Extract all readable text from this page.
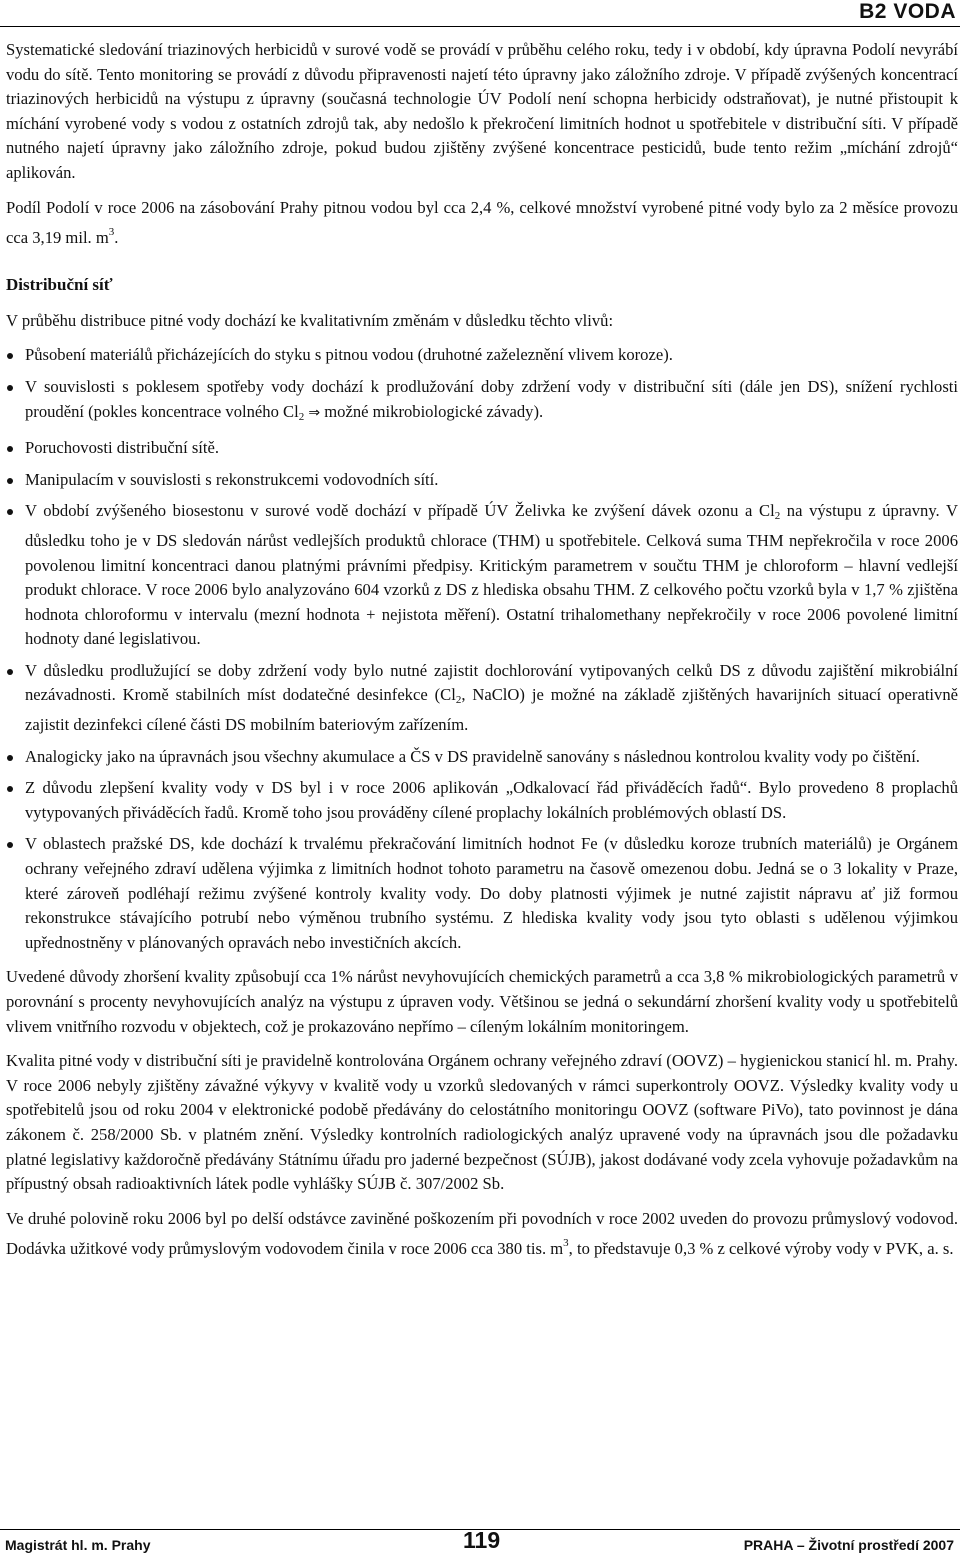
B2 VODA

Systematické sledování triazinových herbicidů v surové vodě se provádí v průběhu celého roku, tedy i v období, kdy úpravna Podolí nevyrábí vodu do sítě. Tento monitoring se provádí z důvodu připravenosti najetí této úpravny jako záložního zdroje. V případě zvýšených koncentrací triazinových herbicidů na výstupu z úpravny (současná technologie ÚV Podolí není schopna herbicidy odstraňovat), je nutné přistoupit k míchání vyrobené vody s vodou z ostatních zdrojů tak, aby nedošlo k překročení limitních hodnot u spotřebitele v distribuční síti. V případě nutného najetí úpravny jako záložního zdroje, pokud budou zjištěny zvýšené koncentrace pesticidů, bude tento režim „míchání zdrojů“ aplikován.

Podíl Podolí v roce 2006 na zásobování Prahy pitnou vodou byl cca 2,4 %, celkové množství vyrobené pitné vody bylo za 2 měsíce provozu cca 3,19 mil. $m^3$.

Distribuční síť

V průběhu distribuce pitné vody dochází ke kvalitativním změnám v důsledku těchto vlivů:

Působení materiálů přicházejících do styku s pitnou vodou (druhotné zaželeznění vlivem koroze).
V souvislosti s poklesem spotřeby vody dochází k prodlužování doby zdržení vody v distribuční síti (dále jen DS), snížení rychlosti proudění (pokles koncentrace volného $Cl_2$ ⇒ možné mikrobiologické závady).
Poruchovosti distribuční sítě.
Manipulacím v souvislosti s rekonstrukcemi vodovodních sítí.
V období zvýšeného biosestonu v surové vodě dochází v případě ÚV Želivka ke zvýšení dávek ozonu a $Cl_2$ na výstupu z úpravny. V důsledku toho je v DS sledován nárůst vedlejších produktů chlorace (THM) u spotřebitele. Celková suma THM nepřekročila v roce 2006 povolenou limitní koncentraci danou platnými právními předpisy. Kritickým parametrem v součtu THM je chloroform – hlavní vedlejší produkt chlorace. V roce 2006 bylo analyzováno 604 vzorků z DS z hlediska obsahu THM. Z celkového počtu vzorků byla v 1,7 % zjištěna hodnota chloroformu v intervalu (mezní hodnota + nejistota měření). Ostatní trihalomethany nepřekročily v roce 2006 povolené limitní hodnoty dané legislativou.
V důsledku prodlužující se doby zdržení vody bylo nutné zajistit dochlorování vytipovaných celků DS z důvodu zajištění mikrobiální nezávadnosti. Kromě stabilních míst dodatečné desinfekce ($Cl_2$, NaClO) je možné na základě zjištěných havarijních situací operativně zajistit dezinfekci cílené části DS mobilním bateriovým zařízením.
Analogicky jako na úpravnách jsou všechny akumulace a ČS v DS pravidelně sanovány s následnou kontrolou kvality vody po čištění.
Z důvodu zlepšení kvality vody v DS byl i v roce 2006 aplikován „Odkalovací řád přiváděcích řadů“. Bylo provedeno 8 proplachů vytypovaných přiváděcích řadů. Kromě toho jsou prováděny cílené proplachy lokálních problémových oblastí DS.
V oblastech pražské DS, kde dochází k trvalému překračování limitních hodnot Fe (v důsledku koroze trubních materiálů) je Orgánem ochrany veřejného zdraví udělena výjimka z limitních hodnot tohoto parametru na časově omezenou dobu. Jedná se o 3 lokality v Praze, které zároveň podléhají režimu zvýšené kontroly kvality vody. Do doby platnosti výjimek je nutné zajistit nápravu ať již formou rekonstrukce stávajícího potrubí nebo výměnou trubního systému. Z hlediska kvality vody jsou tyto oblasti s udělenou výjimkou upřednostněny v plánovaných opravách nebo investičních akcích.

Uvedené důvody zhoršení kvality způsobují cca 1% nárůst nevyhovujících chemických parametrů a cca 3,8 % mikrobiologických parametrů v porovnání s procenty nevyhovujících analýz na výstupu z úpraven vody. Většinou se jedná o sekundární zhoršení kvality vody u spotřebitelů vlivem vnitřního rozvodu v objektech, což je prokazováno nepřímo – cíleným lokálním monitoringem.

Kvalita pitné vody v distribuční síti je pravidelně kontrolována Orgánem ochrany veřejného zdraví (OOVZ) – hygienickou stanicí hl. m. Prahy. V roce 2006 nebyly zjištěny závažné výkyvy v kvalitě vody u vzorků sledovaných v rámci superkontroly OOVZ. Výsledky kvality vody u spotřebitelů jsou od roku 2004 v elektronické podobě předávány do celostátního monitoringu OOVZ (software PiVo), tato povinnost je dána zákonem č. 258/2000 Sb. v platném znění. Výsledky kontrolních radiologických analýz upravené vody na úpravnách jsou dle požadavku platné legislativy každoročně předávány Státnímu úřadu pro jaderné bezpečnost (SÚJB), jakost dodávané vody zcela vyhovuje požadavkům na přípustný obsah radioaktivních látek podle vyhlášky SÚJB č. 307/2002 Sb.

Ve druhé polovině roku 2006 byl po delší odstávce zaviněné poškozením při povodních v roce 2002 uveden do provozu průmyslový vodovod. Dodávka užitkové vody průmyslovým vodovodem činila v roce 2006 cca 380 tis. $m^3$, to představuje 0,3 % z celkové výroby vody v PVK, a. s.

Magistrát hl. m. Prahy	119	PRAHA – Životní prostředí 2007
